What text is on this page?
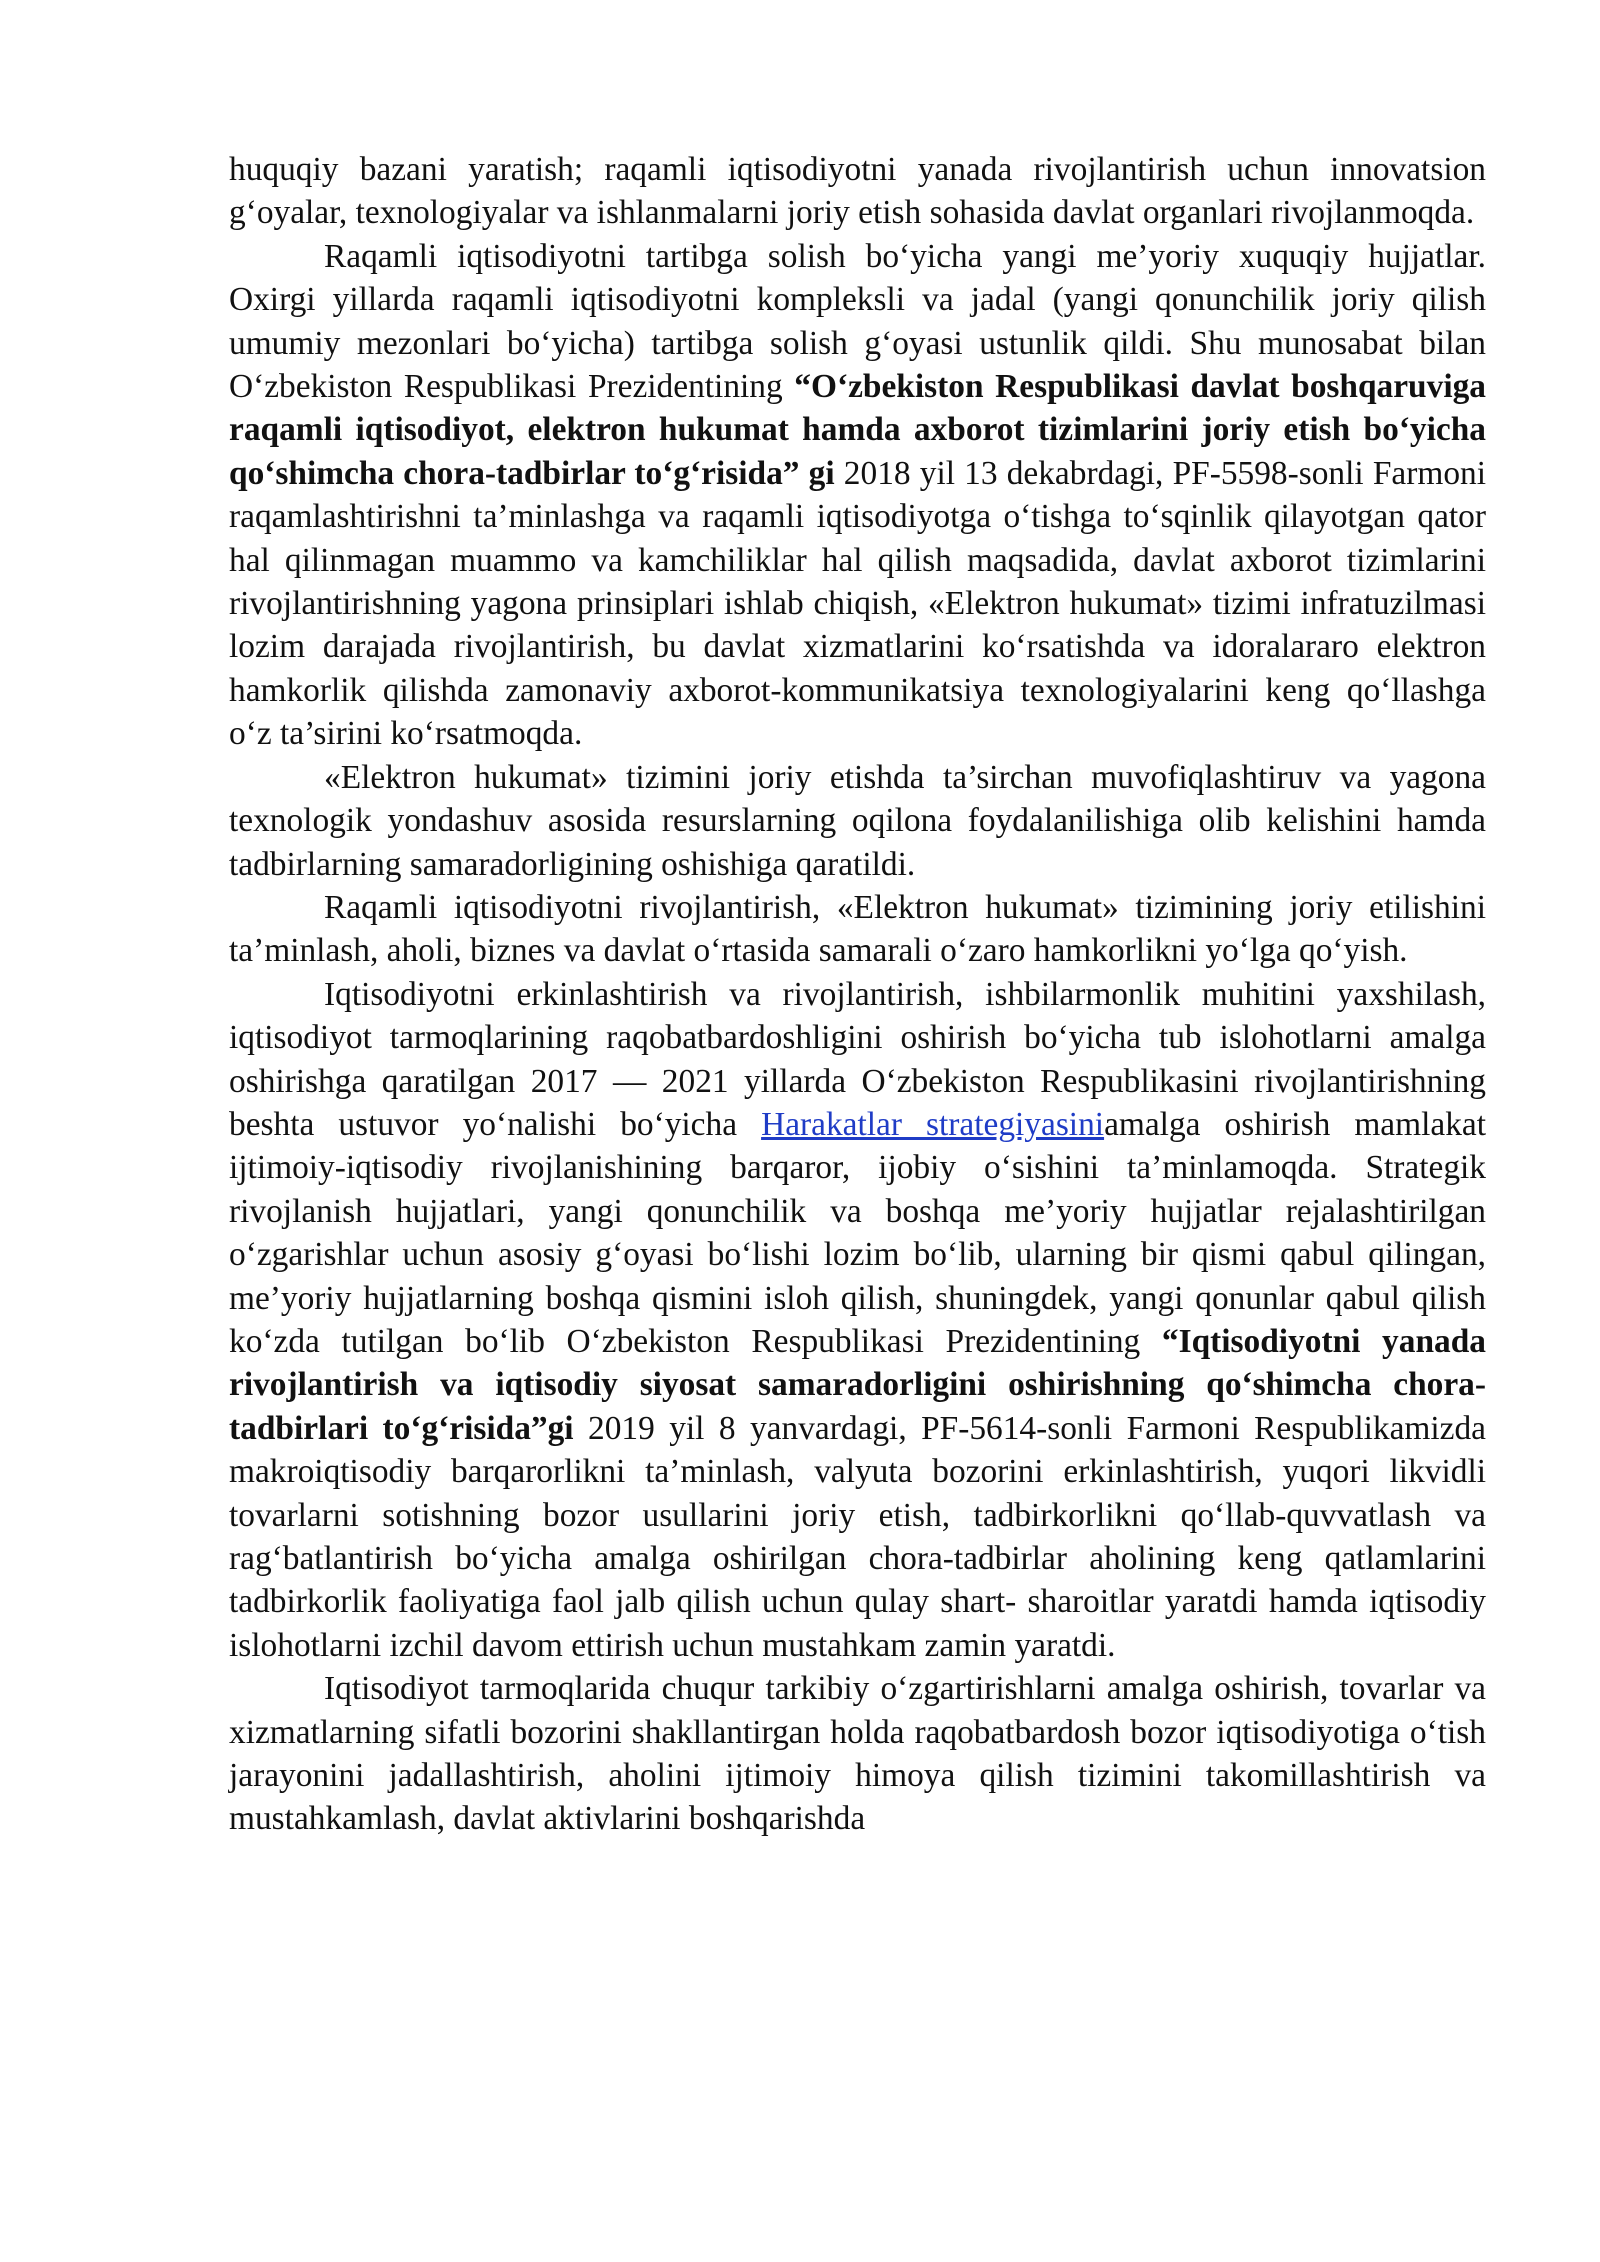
huquqiy bazani yaratish; raqamli iqtisodiyotni yanada rivojlantirish uchun innovatsion g‘oyalar, texnologiyalar va ishlanmalarni joriy etish sohasida davlat organlari rivojlanmoqda.

Raqamli iqtisodiyotni tartibga solish bo‘yicha yangi me’yoriy xuquqiy hujjatlar. Oxirgi yillarda raqamli iqtisodiyotni kompleksli va jadal (yangi qonunchilik joriy qilish umumiy mezonlari bo‘yicha) tartibga solish g‘oyasi ustunlik qildi. Shu munosabat bilan O‘zbekiston Respublikasi Prezidentining “O‘zbekiston Respublikasi davlat boshqaruviga raqamli iqtisodiyot, elektron hukumat hamda axborot tizimlarini joriy etish bo‘yicha qo‘shimcha chora-tadbirlar to‘g‘risida” gi 2018 yil 13 dekabrdagi, PF-5598-sonli Farmoni raqamlashtirishni ta’minlashga va raqamli iqtisodiyotga o‘tishga to‘sqinlik qilayotgan qator hal qilinmagan muammo va kamchiliklar hal qilish maqsadida, davlat axborot tizimlarini rivojlantirishning yagona prinsiplari ishlab chiqish, «Elektron hukumat» tizimi infratuzilmasi lozim darajada rivojlantirish, bu davlat xizmatlarini ko‘rsatishda va idoralararo elektron hamkorlik qilishda zamonaviy axborot-kommunikatsiya texnologiyalarini keng qo‘llashga o‘z ta’sirini ko‘rsatmoqda.

«Elektron hukumat» tizimini joriy etishda ta’sirchan muvofiqlashtiruv va yagona texnologik yondashuv asosida resurslarning oqilona foydalanilishiga olib kelishini hamda tadbirlarning samaradorligining oshishiga qaratildi.

Raqamli iqtisodiyotni rivojlantirish, «Elektron hukumat» tizimining joriy etilishini ta’minlash, aholi, biznes va davlat o‘rtasida samarali o‘zaro hamkorlikni yo‘lga qo‘yish.

Iqtisodiyotni erkinlashtirish va rivojlantirish, ishbilarmonlik muhitini yaxshilash, iqtisodiyot tarmoqlarining raqobatbardoshligini oshirish bo‘yicha tub islohotlarni amalga oshirishga qaratilgan 2017 — 2021 yillarda O‘zbekiston Respublikasini rivojlantirishning beshta ustuvor yo‘nalishi bo‘yicha Harakatlar strategiyasiniamalga oshirish mamlakat ijtimoiy-iqtisodiy rivojlanishining barqaror, ijobiy o‘sishini ta’minlamoqda. Strategik rivojlanish hujjatlari, yangi qonunchilik va boshqa me’yoriy hujjatlar rejalashtirilgan o‘zgarishlar uchun asosiy g‘oyasi bo‘lishi lozim bo‘lib, ularning bir qismi qabul qilingan, me’yoriy hujjatlarning boshqa qismini isloh qilish, shuningdek, yangi qonunlar qabul qilish ko‘zda tutilgan bo‘lib O‘zbekiston Respublikasi Prezidentining “Iqtisodiyotni yanada rivojlantirish va iqtisodiy siyosat samaradorligini oshirishning qo‘shimcha chora-tadbirlari to‘g‘risida”gi 2019 yil 8 yanvardagi, PF-5614-sonli Farmoni Respublikamizda makroiqtisodiy barqarorlikni ta’minlash, valyuta bozorini erkinlashtirish, yuqori likvidli tovarlarni sotishning bozor usullarini joriy etish, tadbirkorlikni qo‘llab-quvvatlash va rag‘batlantirish bo‘yicha amalga oshirilgan chora-tadbirlar aholining keng qatlamlarini tadbirkorlik faoliyatiga faol jalb qilish uchun qulay shart- sharoitlar yaratdi hamda iqtisodiy islohotlarni izchil davom ettirish uchun mustahkam zamin yaratdi.

Iqtisodiyot tarmoqlarida chuqur tarkibiy o‘zgartirishlarni amalga oshirish, tovarlar va xizmatlarning sifatli bozorini shakllantirgan holda raqobatbardosh bozor iqtisodiyotiga o‘tish jarayonini jadallashtirish, aholini ijtimoiy himoya qilish tizimini takomillashtirish va mustahkamlash, davlat aktivlarini boshqarishda
